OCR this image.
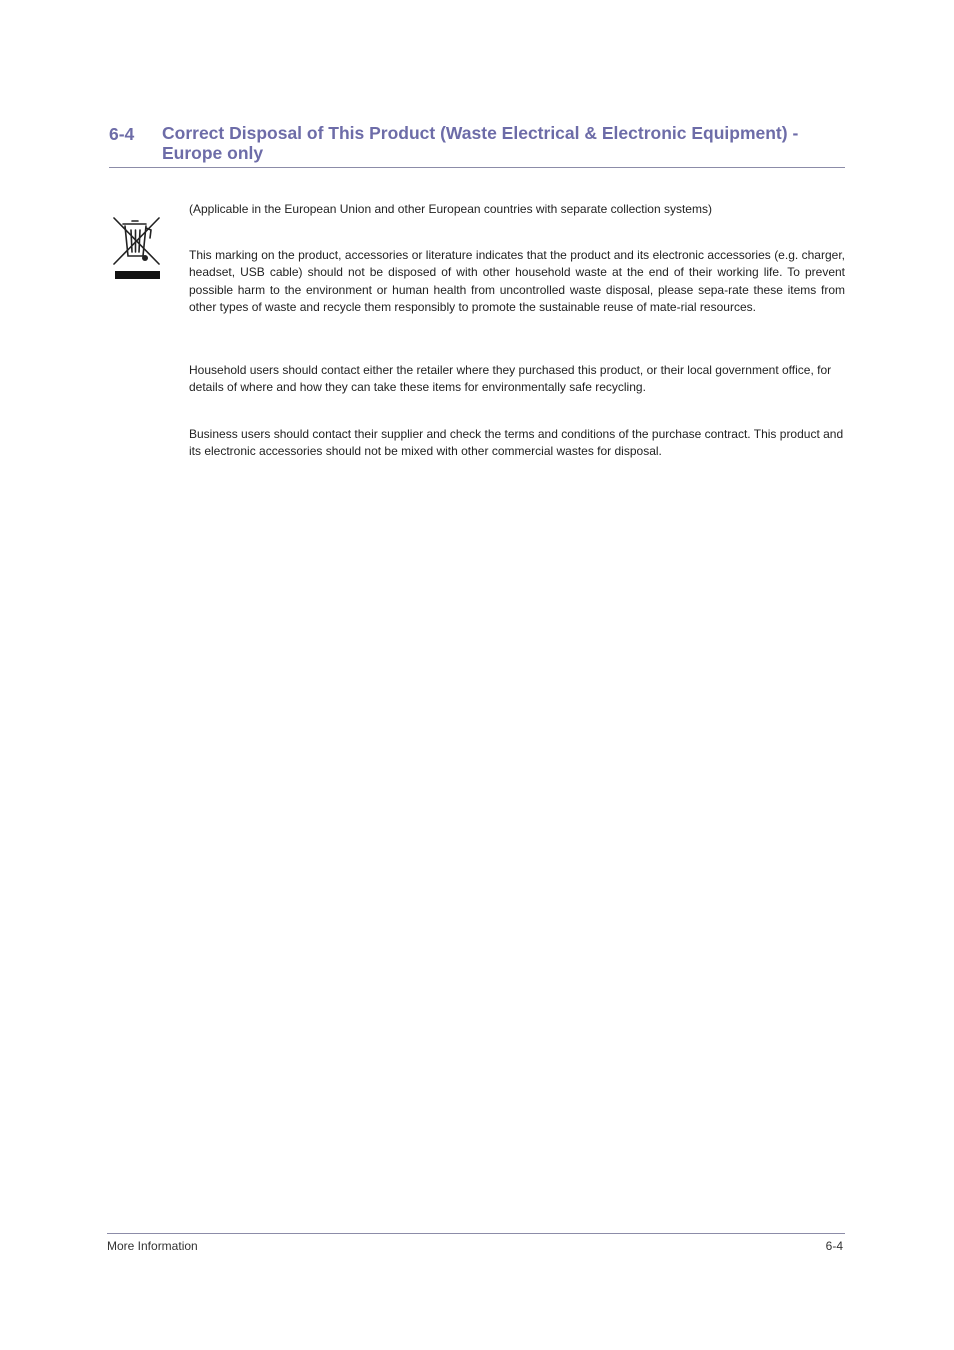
6-4 Correct Disposal of This Product (Waste Electrical & Electronic Equipment) -
Europe only

(Applicable in the European Union and other European countries with separate collection systems)

This marking on the product, accessories or literature indicates that the product and its electronic accessories (e.g. charger, headset, USB cable) should not be disposed of with other household waste at the end of their working life. To prevent possible harm to the environment or human health from uncontrolled waste disposal, please sepa-rate these items from other types of waste and recycle them responsibly to promote the sustainable reuse of mate-rial resources.

Household users should contact either the retailer where they purchased this product, or their local government office, for details of where and how they can take these items for environmentally safe recycling.

Business users should contact their supplier and check the terms and conditions of the purchase contract. This product and its electronic accessories should not be mixed with other commercial wastes for disposal.

More Information	6-4
